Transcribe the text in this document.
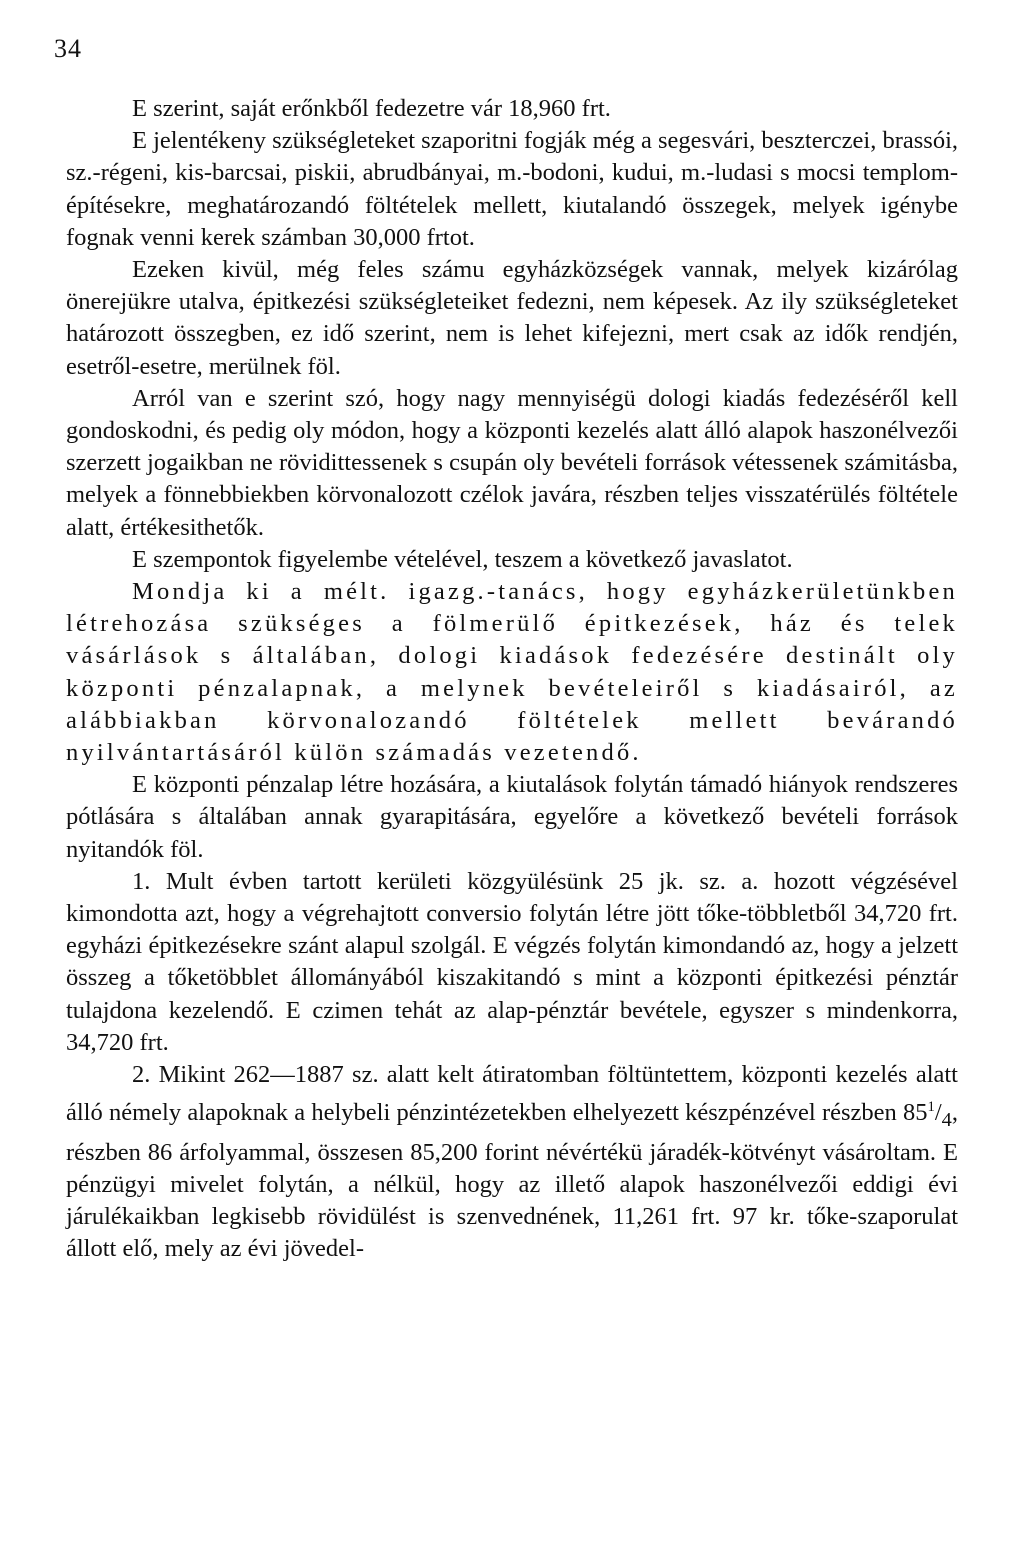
34

E szerint, saját erőnkből fedezetre vár 18,960 frt.

E jelentékeny szükségleteket szaporitni fogják még a segesvári, beszterczei, brassói, sz.-régeni, kis-barcsai, piskii, abrudbányai, m.-bodoni, kudui, m.-ludasi s mocsi templom-építésekre, meghatározandó föltételek mellett, kiutalandó összegek, melyek igénybe fognak venni kerek számban 30,000 frtot.

Ezeken kivül, még feles számu egyházközségek vannak, melyek kizárólag önerejükre utalva, épitkezési szükségleteiket fedezni, nem képesek. Az ily szükségleteket határozott összegben, ez idő szerint, nem is lehet kifejezni, mert csak az idők rendjén, esetről-esetre, merülnek föl.

Arról van e szerint szó, hogy nagy mennyiségü dologi kiadás fedezéséről kell gondoskodni, és pedig oly módon, hogy a központi kezelés alatt álló alapok haszonélvezői szerzett jogaikban ne rövidittessenek s csupán oly bevételi források vétessenek számitásba, melyek a fönnebbiekben körvonalozott czélok javára, részben teljes visszatérülés föltétele alatt, értékesithetők.

E szempontok figyelembe vételével, teszem a következő javaslatot.

Mondja ki a mélt. igazg.-tanács, hogy egyházkerületünkben létrehozása szükséges a fölmerülő épitkezések, ház és telek vásárlások s általában, dologi kiadások fedezésére destinált oly központi pénzalapnak, a melynek bevételeiről s kiadásairól, az alábbiakban körvonalozandó föltételek mellett bevárandó nyilvántartásáról külön számadás vezetendő.

E központi pénzalap létre hozására, a kiutalások folytán támadó hiányok rendszeres pótlására s általában annak gyarapitására, egyelőre a következő bevételi források nyitandók föl.

1. Mult évben tartott kerületi közgyülésünk 25 jk. sz. a. hozott végzésével kimondotta azt, hogy a végrehajtott conversio folytán létre jött tőke-többletből 34,720 frt. egyházi épitkezésekre szánt alapul szolgál. E végzés folytán kimondandó az, hogy a jelzett összeg a tőketöbblet állományából kiszakitandó s mint a központi épitkezési pénztár tulajdona kezelendő. E czimen tehát az alap-pénztár bevétele, egyszer s mindenkorra, 34,720 frt.

2. Mikint 262—1887 sz. alatt kelt átiratomban föltüntettem, központi kezelés alatt álló némely alapoknak a helybeli pénzintézetekben elhelyezett készpénzével részben $85^1/_4$, részben 86 árfolyammal, összesen 85,200 forint névértékü járadék-kötvényt vásároltam. E pénzügyi mivelet folytán, a nélkül, hogy az illető alapok haszonélvezői eddigi évi járulékaikban legkisebb rövidülést is szenvednének, 11,261 frt. 97 kr. tőke-szaporulat állott elő, mely az évi jövedel-
